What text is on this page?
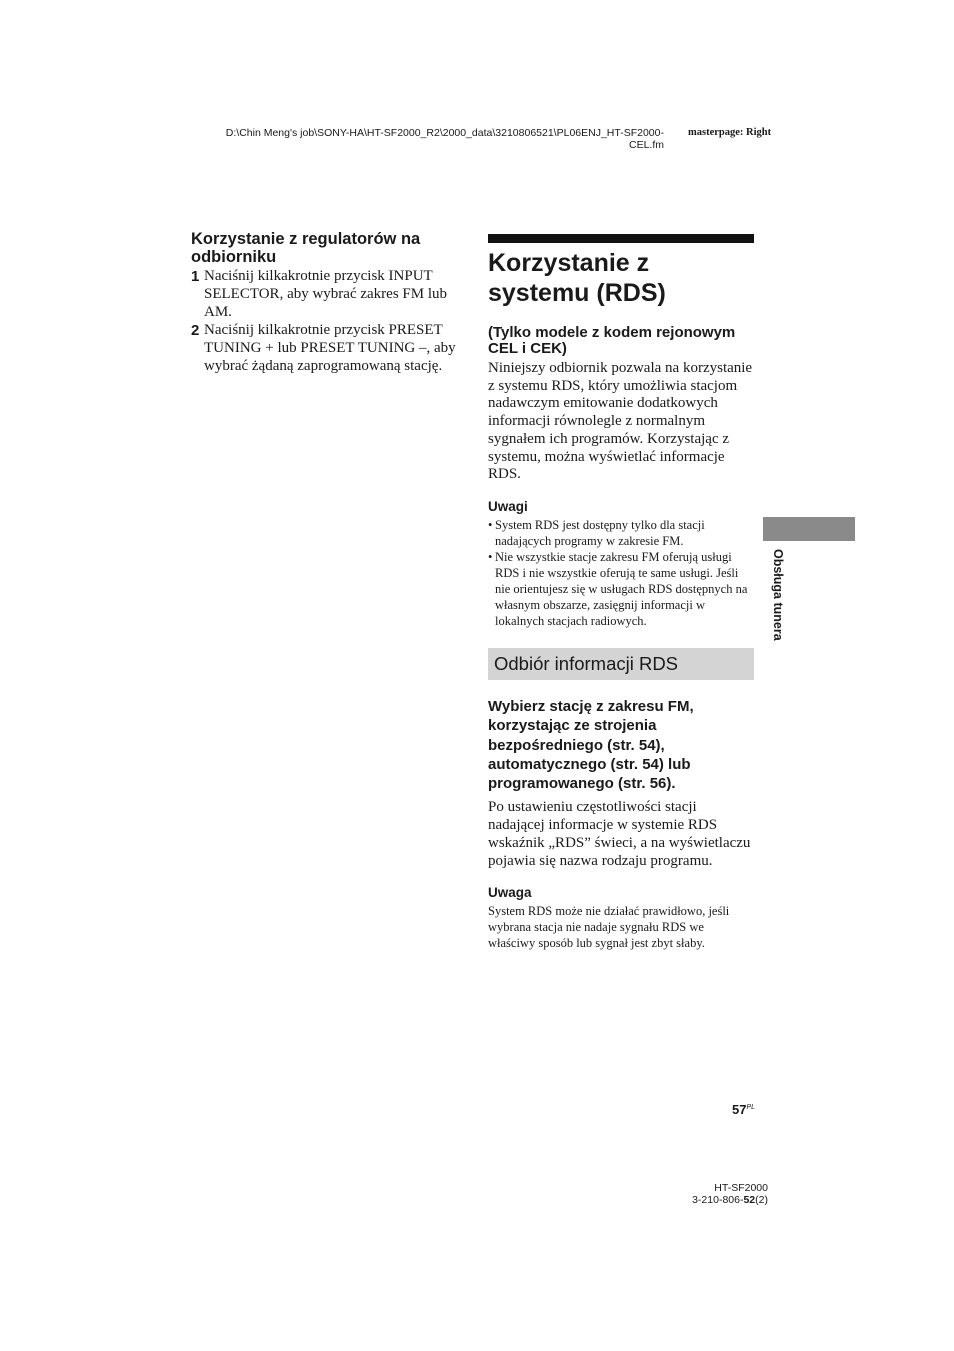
D:\Chin Meng's job\SONY-HA\HT-SF2000_R2\2000_data\3210806521\PL06ENJ_HT-SF2000-
CEL.fm
masterpage: Right
Korzystanie z regulatorów na odbiorniku
1 Naciśnij kilkakrotnie przycisk INPUT SELECTOR, aby wybrać zakres FM lub AM.
2 Naciśnij kilkakrotnie przycisk PRESET TUNING + lub PRESET TUNING –, aby wybrać żądaną zaprogramowaną stację.
Korzystanie z systemu (RDS)
(Tylko modele z kodem rejonowym CEL i CEK)

Niniejszy odbiornik pozwala na korzystanie z systemu RDS, który umożliwia stacjom nadawczym emitowanie dodatkowych informacji równolegle z normalnym sygnałem ich programów. Korzystając z systemu, można wyświetlać informacje RDS.

Uwagi
• System RDS jest dostępny tylko dla stacji nadających programy w zakresie FM.
• Nie wszystkie stacje zakresu FM oferują usługi RDS i nie wszystkie oferują te same usługi. Jeśli nie orientujesz się w usługach RDS dostępnych na własnym obszarze, zasięgnij informacji w lokalnych stacjach radiowych.
Odbiór informacji RDS

Wybierz stację z zakresu FM, korzystając ze strojenia bezpośredniego (str. 54), automatycznego (str. 54) lub programowanego (str. 56).

Po ustawieniu częstotliwości stacji nadającej informacje w systemie RDS wskaźnik „RDS” świeci, a na wyświetlaczu pojawia się nazwa rodzaju programu.

Uwaga

System RDS może nie działać prawidłowo, jeśli wybrana stacja nie nadaje sygnału RDS we właściwy sposób lub sygnał jest zbyt słaby.

Obsługa tunera
$57^{PL}$
HT-SF2000
3-210-806-52(2)
